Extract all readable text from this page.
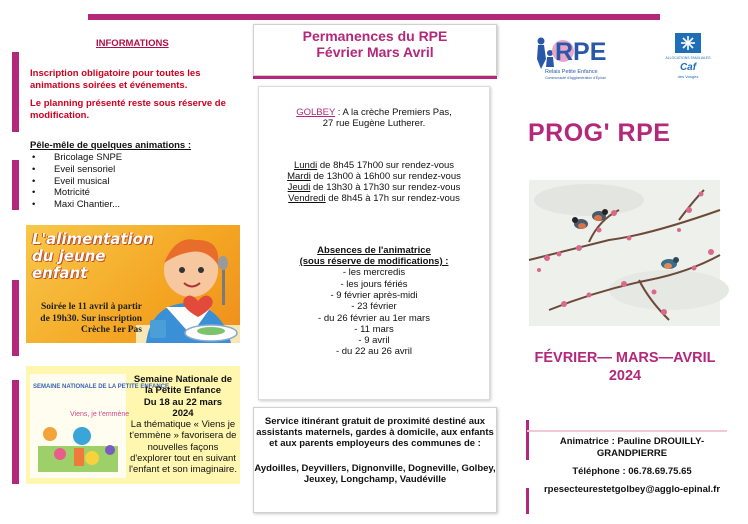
INFORMATIONS
Inscription obligatoire pour toutes les animations soirées et événements.
Le planning présenté reste sous réserve de modification.
Pêle-mêle de quelques animations :
• Bricolage SNPE
• Eveil sensoriel
• Eveil musical
• Motricité
• Maxi Chantier...
L'alimentation du jeune enfant
Soirée le 11 avril à partir de 19h30. Sur inscription Crèche 1er Pas
SEMAINE NATIONALE DE LA PETITE ENFANCE
Viens, je t'emmène
Semaine Nationale de
la Petite Enfance
Du 18 au 22 mars
2024
La thématique « Viens je t'emmène » favorisera de nouvelles façons d'explorer tout en suivant l'enfant et son imaginaire.
Permanences du RPE
Février Mars Avril
GOLBEY : A la crèche Premiers Pas,
27 rue Eugène Lutherer.
Lundi de 8h45 17h00 sur rendez-vous
Mardi de 13h00 à 16h00 sur rendez-vous
Jeudi de 13h30 à 17h30 sur rendez-vous
Vendredi de 8h45 à 17h sur rendez-vous
Absences de l'animatrice
(sous réserve de modifications) :
- les mercredis
- les jours fériés
- 9 février après-midi
- 23 février
- du 26 février au 1er mars
- 11 mars
- 9 avril
- du 22 au 26 avril
Service itinérant gratuit de proximité destiné aux assistants maternels, gardes à domicile, aux enfants et aux parents employeurs des communes de :
Aydoilles, Deyvillers, Dignonville, Dogneville, Golbey, Jeuxey, Longchamp, Vaudéville
RPE
Relais Petite Enfance
Communauté d'Agglomération d'Épinal
ALLOCATIONS FAMILIALES
Caf
des Vosges
PROG' RPE
FÉVRIER— MARS—AVRIL
2024
Animatrice : Pauline DROUILLY-GRANDPIERRE
Téléphone : 06.78.69.75.65
rpesecteurestetgolbey@agglo-epinal.fr
